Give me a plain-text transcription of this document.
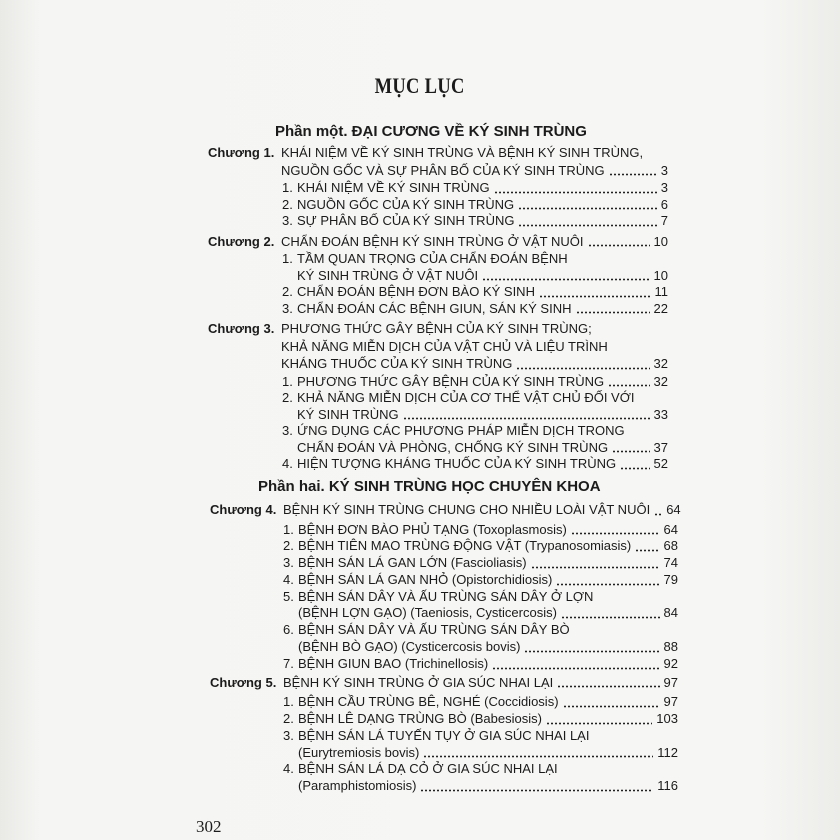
MỤC LỤC
302
Phần một. ĐẠI CƯƠNG VỀ KÝ SINH TRÙNG
Chương 1. KHÁI NIỆM VỀ KÝ SINH TRÙNG VÀ BỆNH KÝ SINH TRÙNG,
NGUỒN GỐC VÀ SỰ PHÂN BỐ CỦA KÝ SINH TRÙNG	3
1. KHÁI NIỆM VỀ KÝ SINH TRÙNG	3
2. NGUỒN GỐC CỦA KÝ SINH TRÙNG	6
3. SỰ PHÂN BỐ CỦA KÝ SINH TRÙNG	7
Chương 2. CHẨN ĐOÁN BỆNH KÝ SINH TRÙNG Ở VẬT NUÔI	10
1. TẦM QUAN TRỌNG CỦA CHẨN ĐOÁN BỆNH
KÝ SINH TRÙNG Ở VẬT NUÔI	10
2. CHẨN ĐOÁN BỆNH ĐƠN BÀO KÝ SINH	11
3. CHẨN ĐOÁN CÁC BỆNH GIUN, SÁN KÝ SINH	22
Chương 3. PHƯƠNG THỨC GÂY BỆNH CỦA KÝ SINH TRÙNG;
KHẢ NĂNG MIỄN DỊCH CỦA VẬT CHỦ VÀ LIỆU TRÌNH
KHÁNG THUỐC CỦA KÝ SINH TRÙNG	32
1. PHƯƠNG THỨC GÂY BỆNH CỦA KÝ SINH TRÙNG	32
2. KHẢ NĂNG MIỄN DỊCH CỦA CƠ THỂ VẬT CHỦ ĐỐI VỚI
KÝ SINH TRÙNG	33
3. ỨNG DỤNG CÁC PHƯƠNG PHÁP MIỄN DỊCH TRONG
CHẨN ĐOÁN VÀ PHÒNG, CHỐNG KÝ SINH TRÙNG	37
4. HIỆN TƯỢNG KHÁNG THUỐC CỦA KÝ SINH TRÙNG	52
Phần hai. KÝ SINH TRÙNG HỌC CHUYÊN KHOA
Chương 4. BỆNH KÝ SINH TRÙNG CHUNG CHO NHIỀU LOÀI VẬT NUÔI 64
1. BỆNH ĐƠN BÀO PHỦ TẠNG (Toxoplasmosis)	64
2. BỆNH TIÊN MAO TRÙNG ĐỘNG VẬT (Trypanosomiasis) 68
3. BỆNH SÁN LÁ GAN LỚN (Fascioliasis)	74
4. BỆNH SÁN LÁ GAN NHỎ (Opistorchidiosis)	79
5. BỆNH SÁN DÂY VÀ ẤU TRÙNG SÁN DÂY Ở LỢN
(BỆNH LỢN GẠO) (Taeniosis, Cysticercosis)	84
6. BỆNH SÁN DÂY VÀ ẤU TRÙNG SÁN DÂY BÒ
(BỆNH BÒ GẠO) (Cysticercosis bovis)	88
7. BỆNH GIUN BAO (Trichinellosis)	92
Chương 5. BỆNH KÝ SINH TRÙNG Ở GIA SÚC NHAI LẠI	97
1. BỆNH CẦU TRÙNG BÊ, NGHÉ (Coccidiosis)	97
2. BỆNH LÊ DẠNG TRÙNG BÒ (Babesiosis)	103
3. BỆNH SÁN LÁ TUYẾN TỤY Ở GIA SÚC NHAI LẠI
(Eurytremiosis bovis)	112
4. BỆNH SÁN LÁ DẠ CỎ Ở GIA SÚC NHAI LẠI
(Paramphistomiosis)	116
